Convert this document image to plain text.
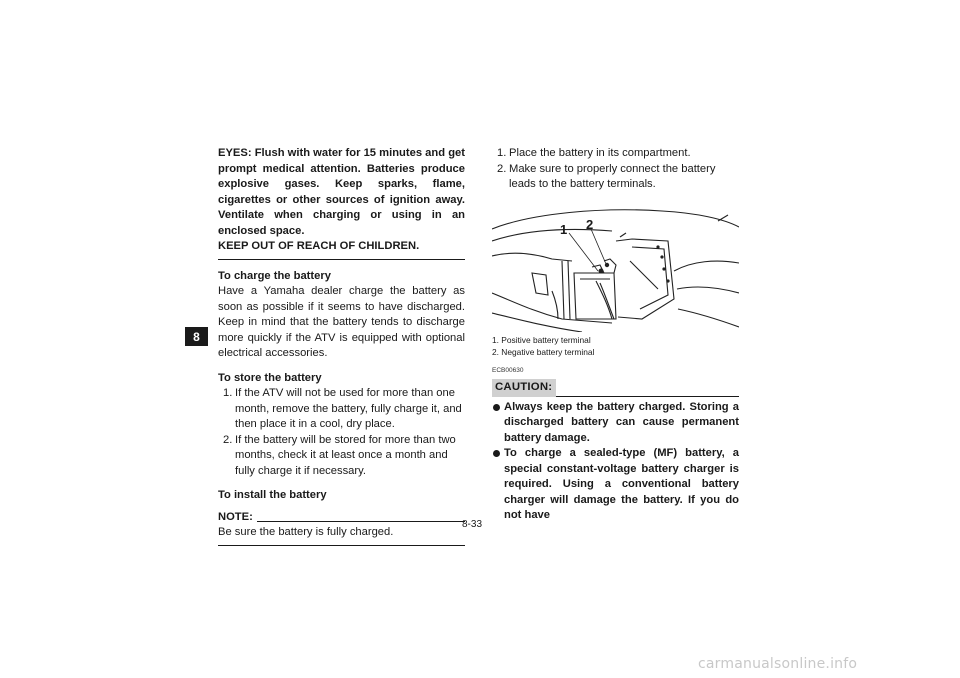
8

EYES: Flush with water for 15 minutes and get prompt medical attention. Batteries produce explosive gases. Keep sparks, flame, cigarettes or other sources of ignition away. Ventilate when charging or using in an enclosed space.

KEEP OUT OF REACH OF CHILDREN.

To charge the battery

Have a Yamaha dealer charge the battery as soon as possible if it seems to have discharged. Keep in mind that the battery tends to discharge more quickly if the ATV is equipped with optional electrical accessories.

To store the battery

1. If the ATV will not be used for more than one month, remove the battery, fully charge it, and then place it in a cool, dry place.
2. If the battery will be stored for more than two months, check it at least once a month and fully charge it if necessary.

To install the battery

NOTE:

Be sure the battery is fully charged.

1. Place the battery in its compartment.
2. Make sure to properly connect the battery leads to the battery terminals.
1 2

1. Positive battery terminal

2. Negative battery terminal

ECB00630

CAUTION:
Always keep the battery charged. Storing a discharged battery can cause permanent battery damage.
To charge a sealed-type (MF) battery, a special constant-voltage battery charger is required. Using a conventional battery charger will damage the battery. If you do not have
8-33
carmanualsonline.info
